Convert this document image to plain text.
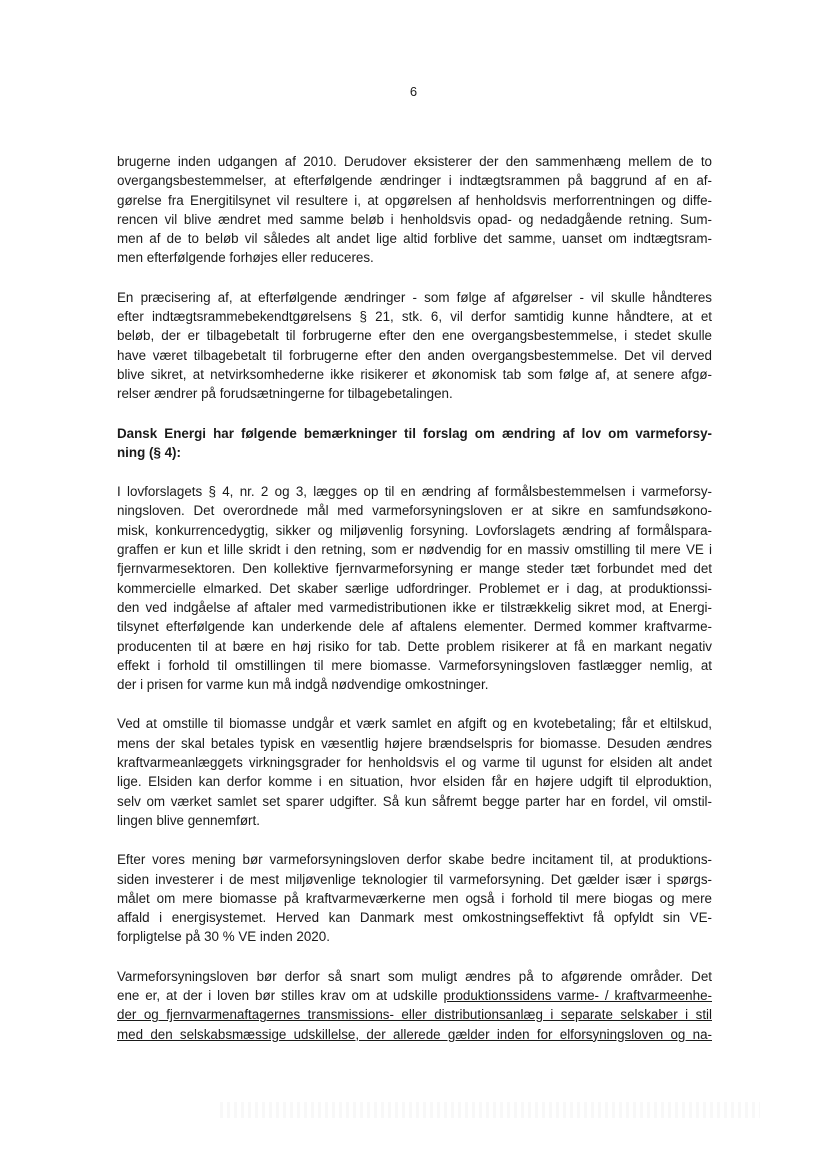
6

brugerne inden udgangen af 2010. Derudover eksisterer der den sammenhæng mellem de to
overgangsbestemmelser, at efterfølgende ændringer i indtægtsrammen på baggrund af en af-
gørelse fra Energitilsynet vil resultere i, at opgørelsen af henholdsvis merforrentningen og diffe-
rencen vil blive ændret med samme beløb i henholdsvis opad- og nedadgående retning. Sum-
men af de to beløb vil således alt andet lige altid forblive det samme, uanset om indtægtsram-
men efterfølgende forhøjes eller reduceres.

En præcisering af, at efterfølgende ændringer - som følge af afgørelser - vil skulle håndteres
efter indtægtsrammebekendtgørelsens § 21, stk. 6, vil derfor samtidig kunne håndtere, at et
beløb, der er tilbagebetalt til forbrugerne efter den ene overgangsbestemmelse, i stedet skulle
have været tilbagebetalt til forbrugerne efter den anden overgangsbestemmelse. Det vil derved
blive sikret, at netvirksomhederne ikke risikerer et økonomisk tab som følge af, at senere afgø-
relser ændrer på forudsætningerne for tilbagebetalingen.

Dansk Energi har følgende bemærkninger til forslag om ændring af lov om varmeforsy-
ning (§ 4):

I lovforslagets § 4, nr. 2 og 3, lægges op til en ændring af formålsbestemmelsen i varmeforsy-
ningsloven. Det overordnede mål med varmeforsyningsloven er at sikre en samfundsøkono-
misk, konkurrencedygtig, sikker og miljøvenlig forsyning. Lovforslagets ændring af formålspara-
graffen er kun et lille skridt i den retning, som er nødvendig for en massiv omstilling til mere VE i
fjernvarmesektoren. Den kollektive fjernvarmeforsyning er mange steder tæt forbundet med det
kommercielle elmarked. Det skaber særlige udfordringer. Problemet er i dag, at produktionssi-
den ved indgåelse af aftaler med varmedistributionen ikke er tilstrækkelig sikret mod, at Energi-
tilsynet efterfølgende kan underkende dele af aftalens elementer. Dermed kommer kraftvarme-
producenten til at bære en høj risiko for tab. Dette problem risikerer at få en markant negativ
effekt i forhold til omstillingen til mere biomasse. Varmeforsyningsloven fastlægger nemlig, at
der i prisen for varme kun må indgå nødvendige omkostninger.

Ved at omstille til biomasse undgår et værk samlet en afgift og en kvotebetaling; får et eltilskud,
mens der skal betales typisk en væsentlig højere brændselspris for biomasse. Desuden ændres
kraftvarmeanlæggets virkningsgrader for henholdsvis el og varme til ugunst for elsiden alt andet
lige. Elsiden kan derfor komme i en situation, hvor elsiden får en højere udgift til elproduktion,
selv om værket samlet set sparer udgifter. Så kun såfremt begge parter har en fordel, vil omstil-
lingen blive gennemført.

Efter vores mening bør varmeforsyningsloven derfor skabe bedre incitament til, at produktions-
siden investerer i de mest miljøvenlige teknologier til varmeforsyning. Det gælder især i spørgs-
målet om mere biomasse på kraftvarmeværkerne men også i forhold til mere biogas og mere
affald i energisystemet. Herved kan Danmark mest omkostningseffektivt få opfyldt sin VE-
forpligtelse på 30 % VE inden 2020.

Varmeforsyningsloven bør derfor så snart som muligt ændres på to afgørende områder. Det
ene er, at der i loven bør stilles krav om at udskille produktionssidens varme- / kraftvarmeenhe-
der og fjernvarmenaftagernes transmissions- eller distributionsanlæg i separate selskaber i stil
med den selskabsmæssige udskillelse, der allerede gælder inden for elforsyningsloven og na-
